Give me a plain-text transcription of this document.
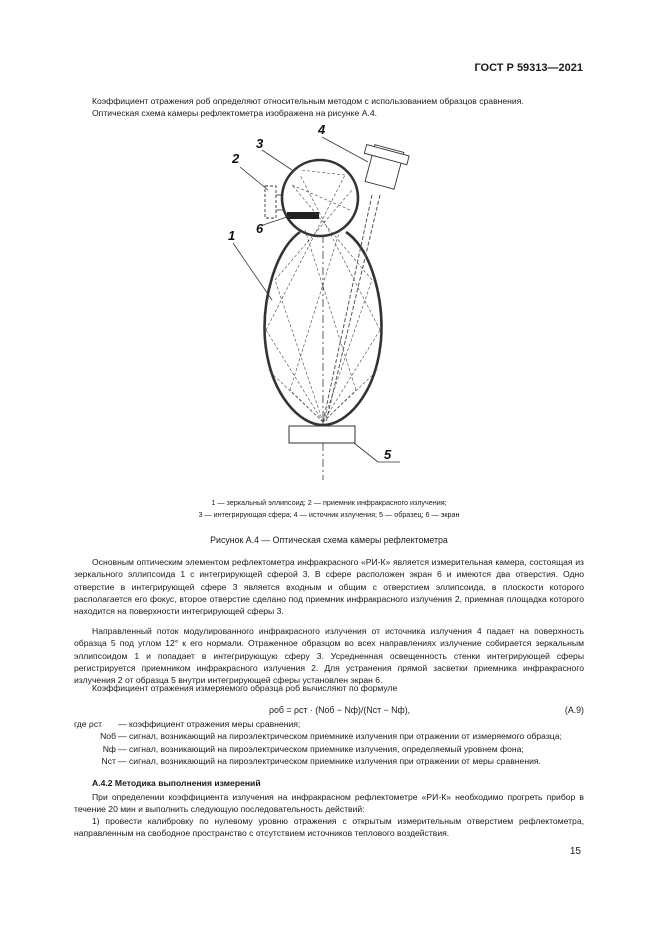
ГОСТ Р 59313—2021
Коэффициент отражения ρоб определяют относительным методом с использованием образцов сравнения.
Оптическая схема камеры рефлектометра изображена на рисунке А.4.
1
2
3
4
5
6
1 — зеркальный эллипсоид; 2 — приемник инфракрасного излучения;
3 — интегрирующая сфера; 4 — источник излучения; 5 — образец; 6 — экран
Рисунок А.4 — Оптическая схема камеры рефлектометра
Основным оптическим элементом рефлектометра инфракрасного «РИ-К» является измерительная камера, состоящая из зеркального эллипсоида 1 с интегрирующей сферой 3. В сфере расположен экран 6 и имеются два отверстия. Одно отверстие в интегрирующей сфере 3 является входным и общим с отверстием эллипсоида, в плоскости которого располагается его фокус, второе отверстие сделано под приемник инфракрасного излучения 2, приемная площадка которого находится на поверхности интегрирующей сферы 3.
Направленный поток модулированного инфракрасного излучения от источника излучения 4 падает на поверхность образца 5 под углом 12° к его нормали. Отраженное образцом во всех направлениях излучение собирается зеркальным эллипсоидом 1 и попадает в интегрирующую сферу 3. Усредненная освещенность стенки интегрирующей сферы регистрируется приемником инфракрасного излучения 2. Для устранения прямой засветки приемника инфракрасного излучения 2 от образца 5 внутри интегрирующей сферы установлен экран 6.
Коэффициент отражения измеряемого образца ρоб вычисляют по формуле
ρоб = ρст · (Nоб − Nф)/(Nст − Nф),	(А.9)
где ρст	— коэффициент отражения меры сравнения;
Nоб — сигнал, возникающий на пироэлектрическом приемнике излучения при отражении от измеряемого образца;
Nф — сигнал, возникающий на пироэлектрическом приемнике излучения, определяемый уровнем фона;
Nст — сигнал, возникающий на пироэлектрическом приемнике излучения при отражении от меры сравнения.
А.4.2 Методика выполнения измерений
При определении коэффициента излучения на инфракрасном рефлектометре «РИ-К» необходимо прогреть прибор в течение 20 мин и выполнить следующую последовательность действий:
1) провести калибровку по нулевому уровню отражения с открытым измерительным отверстием рефлектометра, направленным на свободное пространство с отсутствием источников теплового воздействия.
15
